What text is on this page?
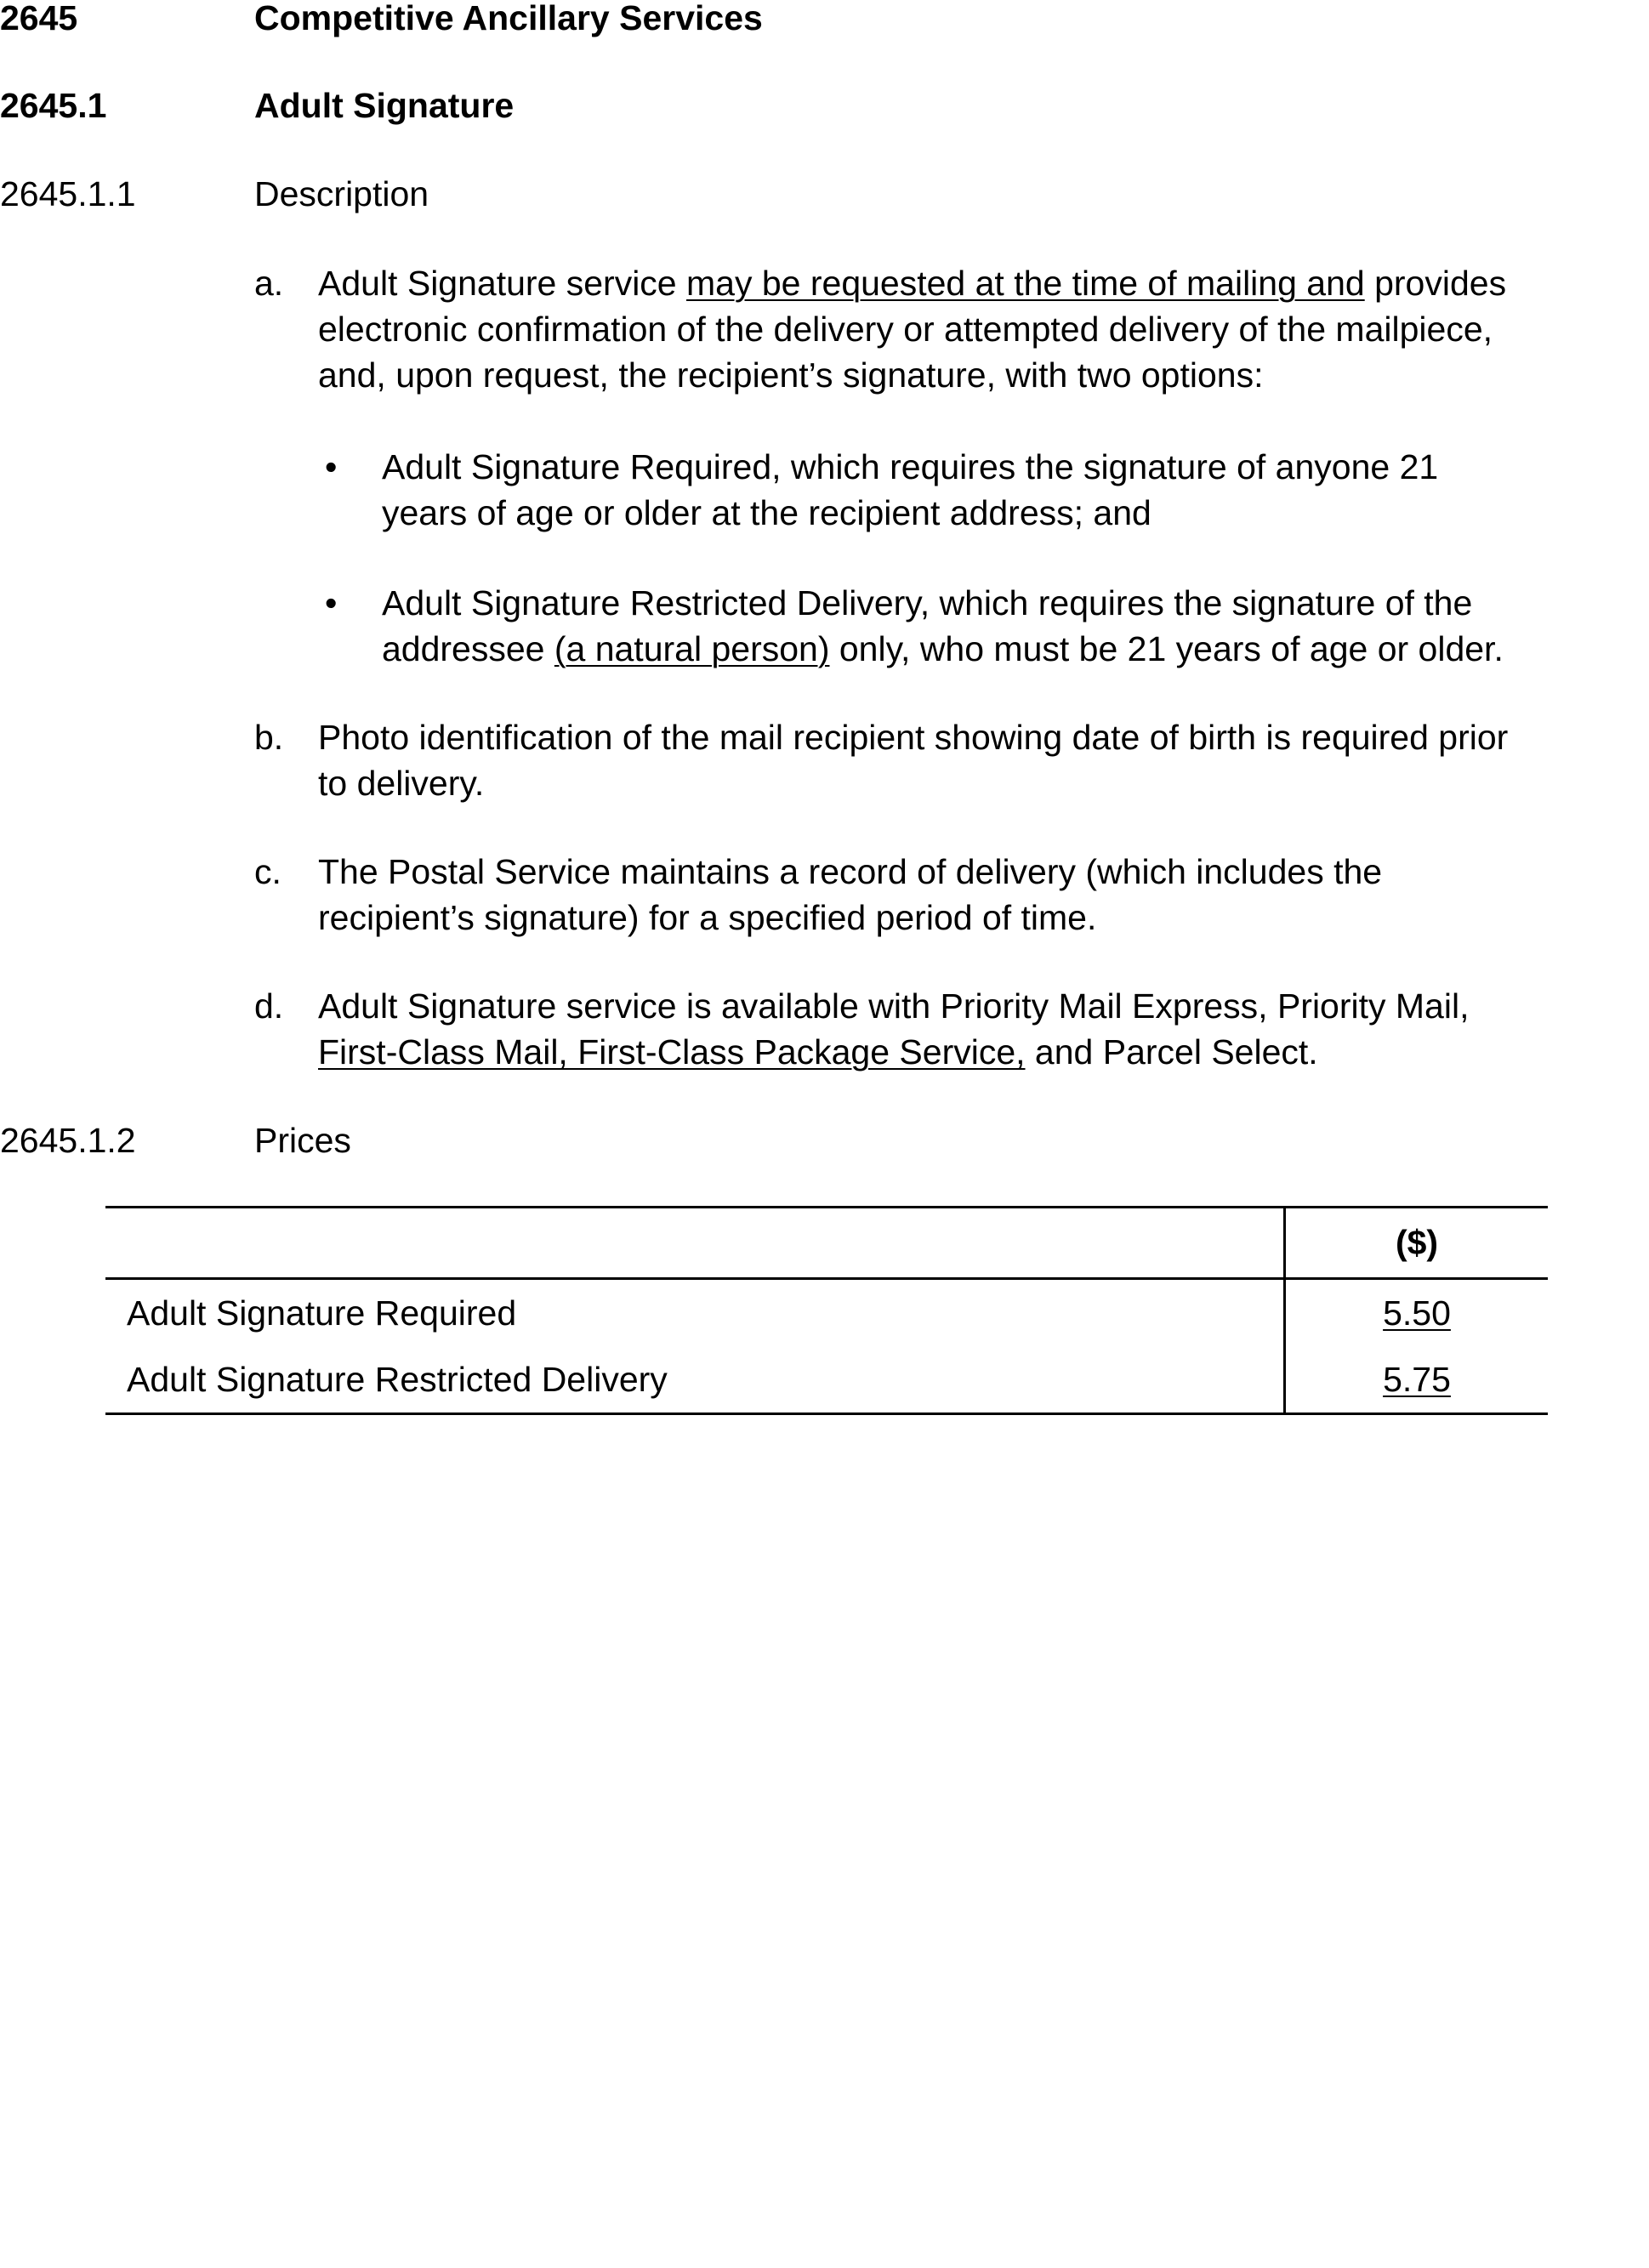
2645	Competitive Ancillary Services
2645.1	Adult Signature
2645.1.1	Description
a. Adult Signature service may be requested at the time of mailing and provides
electronic confirmation of the delivery or attempted delivery of the mailpiece,
and, upon request, the recipient’s signature, with two options:
• Adult Signature Required, which requires the signature of anyone 21
years of age or older at the recipient address; and
• Adult Signature Restricted Delivery, which requires the signature of the
addressee (a natural person) only, who must be 21 years of age or older.
b. Photo identification of the mail recipient showing date of birth is required prior
to delivery.
c. The Postal Service maintains a record of delivery (which includes the
recipient’s signature) for a specified period of time.
d. Adult Signature service is available with Priority Mail Express, Priority Mail,
First-Class Mail, First-Class Package Service, and Parcel Select.
2645.1.2	Prices
	($)
Adult Signature Required	5.50
Adult Signature Restricted Delivery	5.75
